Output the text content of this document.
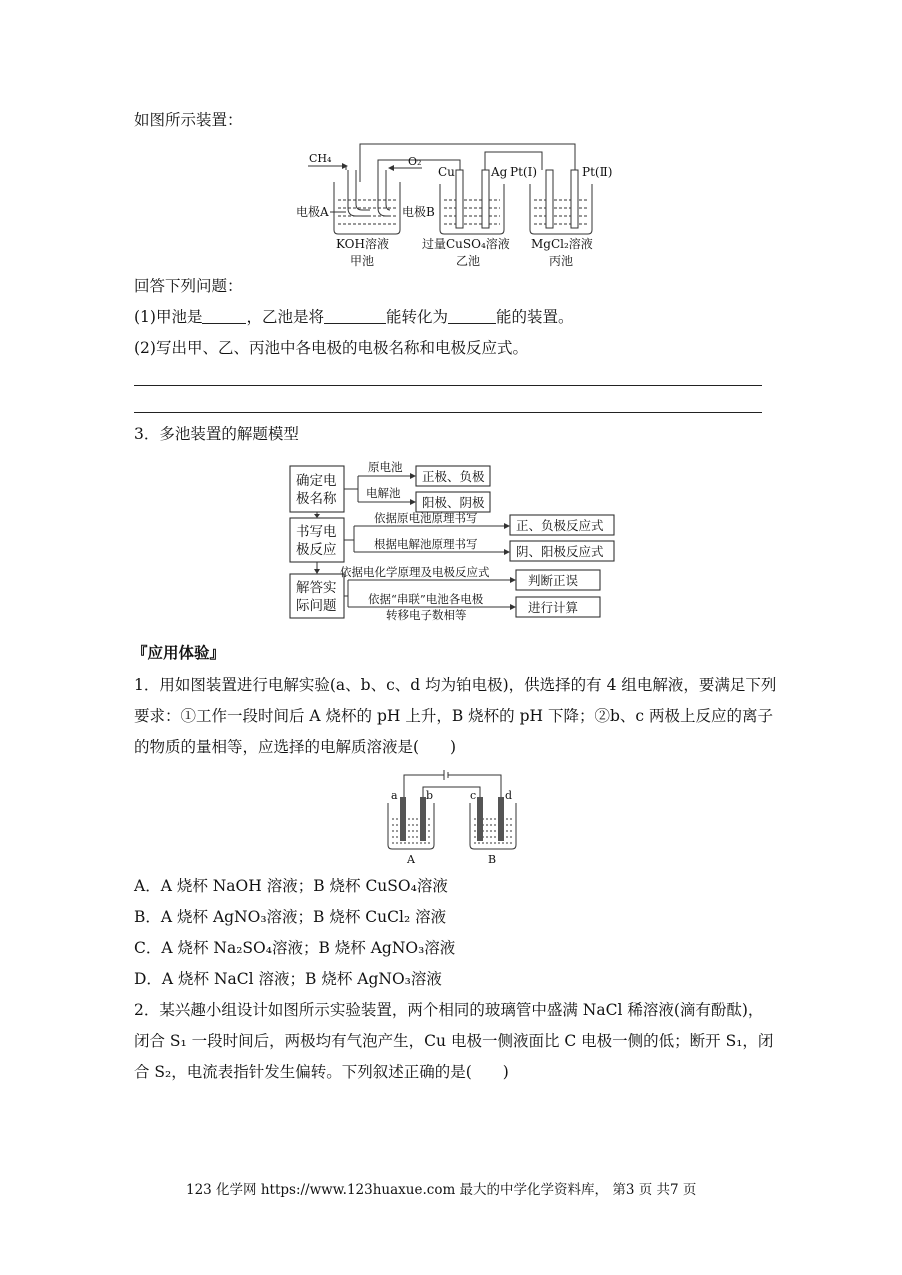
如图所示装置：
CH₄	O₂
电极A	电极B
Cu	Ag Pt(Ⅰ)	Pt(Ⅱ)
KOH溶液
甲池
过量CuSO₄溶液
乙池
MgCl₂溶液
丙池
回答下列问题：
(1)甲池是	，乙池是将	能转化为	能的装置。
(2)写出甲、乙、丙池中各电极的电极名称和电极反应式。
3．多池装置的解题模型
确定电
极名称
书写电
极反应
解答实
际问题
原电池
电解池
正极、负极
阳极、阴极
依据原电池原理书写
根据电解池原理书写
正、负极反应式
阴、阳极反应式
依据电化学原理及电极反应式
依据“串联”电池各电极
转移电子数相等
判断正误
进行计算
『应用体验』
1．用如图装置进行电解实验(a、b、c、d 均为铂电极)，供选择的有 4 组电解液，要满足下列
要求：①工作一段时间后 A 烧杯的 pH 上升，B 烧杯的 pH 下降；②b、c 两极上反应的离子
的物质的量相等，应选择的电解质溶液是(　　)
a	b	c	d
A	B
A．A 烧杯 NaOH 溶液；B 烧杯 CuSO₄溶液
B．A 烧杯 AgNO₃溶液；B 烧杯 CuCl₂ 溶液
C．A 烧杯 Na₂SO₄溶液；B 烧杯 AgNO₃溶液
D．A 烧杯 NaCl 溶液；B 烧杯 AgNO₃溶液
2．某兴趣小组设计如图所示实验装置，两个相同的玻璃管中盛满 NaCl 稀溶液(滴有酚酞)，
闭合 S₁ 一段时间后，两极均有气泡产生，Cu 电极一侧液面比 C 电极一侧的低；断开 S₁，闭
合 S₂，电流表指针发生偏转。下列叙述正确的是(　　)
123 化学网 https://www.123huaxue.com 最大的中学化学资料库， 第3 页 共7 页
